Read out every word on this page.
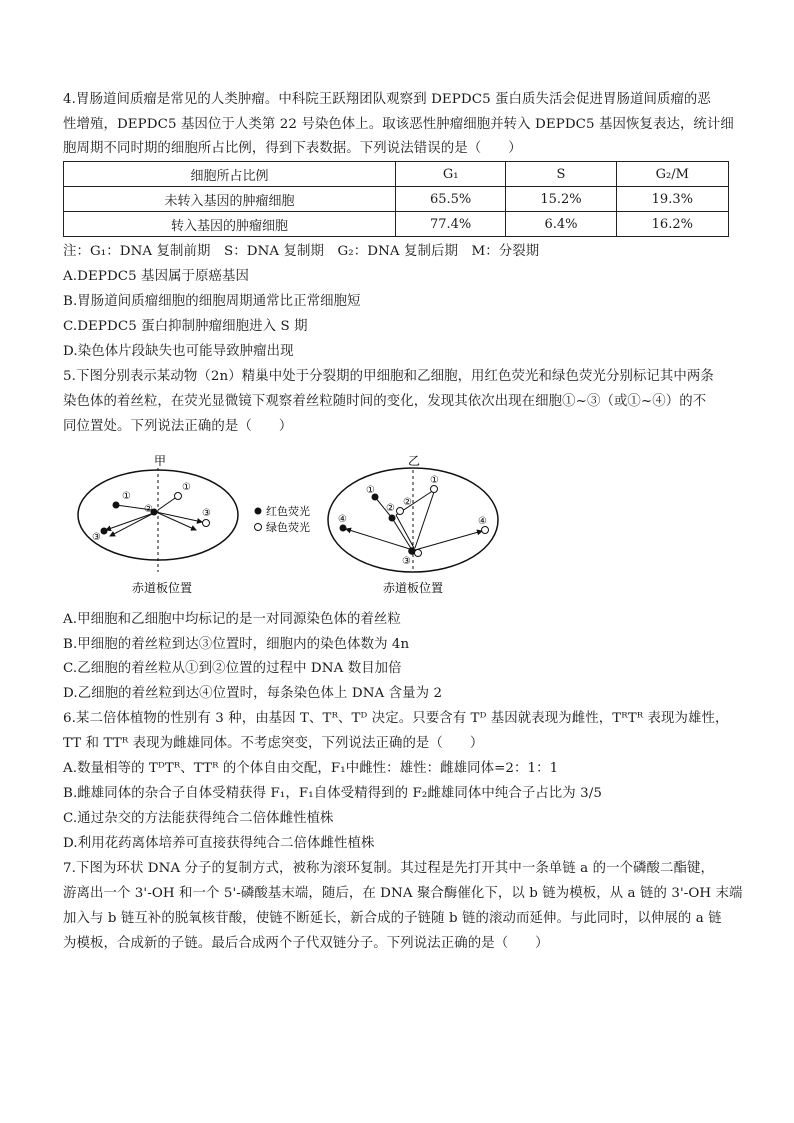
4.胃肠道间质瘤是常见的人类肿瘤。中科院王跃翔团队观察到 DEPDC5 蛋白质失活会促进胃肠道间质瘤的恶
性增殖，DEPDC5 基因位于人类第 22 号染色体上。取该恶性肿瘤细胞并转入 DEPDC5 基因恢复表达，统计细
胞周期不同时期的细胞所占比例，得到下表数据。下列说法错误的是（　　）
细胞所占比例	G₁	S	G₂/M
未转入基因的肿瘤细胞	65.5%	15.2%	19.3%
转入基因的肿瘤细胞	77.4%	6.4%	16.2%
注：G₁：DNA 复制前期　S：DNA 复制期　G₂：DNA 复制后期　M：分裂期
A.DEPDC5 基因属于原癌基因
B.胃肠道间质瘤细胞的细胞周期通常比正常细胞短
C.DEPDC5 蛋白抑制肿瘤细胞进入 S 期
D.染色体片段缺失也可能导致肿瘤出现
5.下图分别表示某动物（2n）精巢中处于分裂期的甲细胞和乙细胞，用红色荧光和绿色荧光分别标记其中两条
染色体的着丝粒，在荧光显微镜下观察着丝粒随时间的变化，发现其依次出现在细胞①~③（或①~④）的不
同位置处。下列说法正确的是（　　）
甲
①
①
②	③
③
赤道板位置
红色荧光
绿色荧光
乙
①
①
②
②
③
④	④
赤道板位置
A.甲细胞和乙细胞中均标记的是一对同源染色体的着丝粒
B.甲细胞的着丝粒到达③位置时，细胞内的染色体数为 4n
C.乙细胞的着丝粒从①到②位置的过程中 DNA 数目加倍
D.乙细胞的着丝粒到达④位置时，每条染色体上 DNA 含量为 2
6.某二倍体植物的性别有 3 种，由基因 T、Tᴿ、Tᴰ 决定。只要含有 Tᴰ 基因就表现为雌性，TᴿTᴿ 表现为雄性，
TT 和 TTᴿ 表现为雌雄同体。不考虑突变，下列说法正确的是（　　）
A.数量相等的 TᴰTᴿ、TTᴿ 的个体自由交配，F₁中雌性：雄性：雌雄同体=2：1：1
B.雌雄同体的杂合子自体受精获得 F₁，F₁自体受精得到的 F₂雌雄同体中纯合子占比为 3/5
C.通过杂交的方法能获得纯合二倍体雌性植株
D.利用花药离体培养可直接获得纯合二倍体雌性植株
7.下图为环状 DNA 分子的复制方式，被称为滚环复制。其过程是先打开其中一条单链 a 的一个磷酸二酯键，
游离出一个 3'-OH 和一个 5'-磷酸基末端，随后，在 DNA 聚合酶催化下，以 b 链为模板，从 a 链的 3'-OH 末端
加入与 b 链互补的脱氧核苷酸，使链不断延长，新合成的子链随 b 链的滚动而延伸。与此同时，以伸展的 a 链
为模板，合成新的子链。最后合成两个子代双链分子。下列说法正确的是（　　）
